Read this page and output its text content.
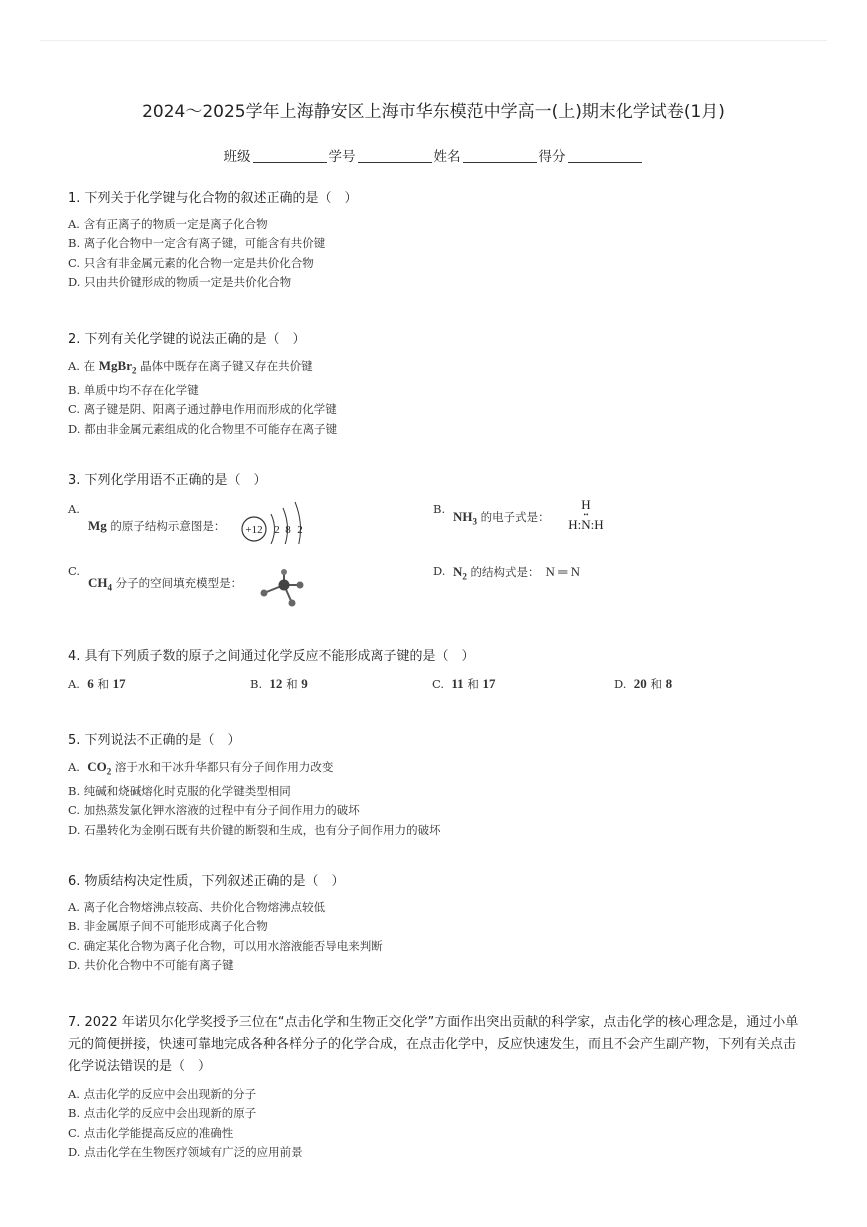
2024～2025学年上海静安区上海市华东模范中学高一(上)期末化学试卷(1月)
班级	学号	姓名	得分
1. 下列关于化学键与化合物的叙述正确的是（　）
A. 含有正离子的物质一定是离子化合物
B. 离子化合物中一定含有离子键，可能含有共价键
C. 只含有非金属元素的化合物一定是共价化合物
D. 只由共价键形成的物质一定是共价化合物
2. 下列有关化学键的说法正确的是（　）
A. 在 MgBr$_2$ 晶体中既存在离子键又存在共价键
B. 单质中均不存在化学键
C. 离子键是阴、阳离子通过静电作用而形成的化学键
D. 都由非金属元素组成的化合物里不可能存在离子键
3. 下列化学用语不正确的是（　）
A.
Mg 的原子结构示意图是： +12 2 8 2
B. $NH_3$ 的电子式是：
H
••
H:N:H
C.
$CH_4$ 分子的空间填充模型是：
D. $N_2$ 的结构式是： N ═ N
4. 具有下列质子数的原子之间通过化学反应不能形成离子键的是（　）
A. 6 和 17	B. 12 和 9	C. 11 和 17	D. 20 和 8
5. 下列说法不正确的是（　）
A. $CO_2$ 溶于水和干冰升华都只有分子间作用力改变
B. 纯碱和烧碱熔化时克服的化学键类型相同
C. 加热蒸发氯化钾水溶液的过程中有分子间作用力的破坏
D. 石墨转化为金刚石既有共价键的断裂和生成，也有分子间作用力的破坏
6. 物质结构决定性质，下列叙述正确的是（　）
A. 离子化合物熔沸点较高、共价化合物熔沸点较低
B. 非金属原子间不可能形成离子化合物
C. 确定某化合物为离子化合物，可以用水溶液能否导电来判断
D. 共价化合物中不可能有离子键
7. 2022 年诺贝尔化学奖授予三位在“点击化学和生物正交化学”方面作出突出贡献的科学家，点击化学的核心理念是，通过小单元的简便拼接，快速可靠地完成各种各样分子的化学合成，在点击化学中，反应快速发生，而且不会产生副产物，下列有关点击化学说法错误的是（　）
A. 点击化学的反应中会出现新的分子
B. 点击化学的反应中会出现新的原子
C. 点击化学能提高反应的准确性
D. 点击化学在生物医疗领域有广泛的应用前景
